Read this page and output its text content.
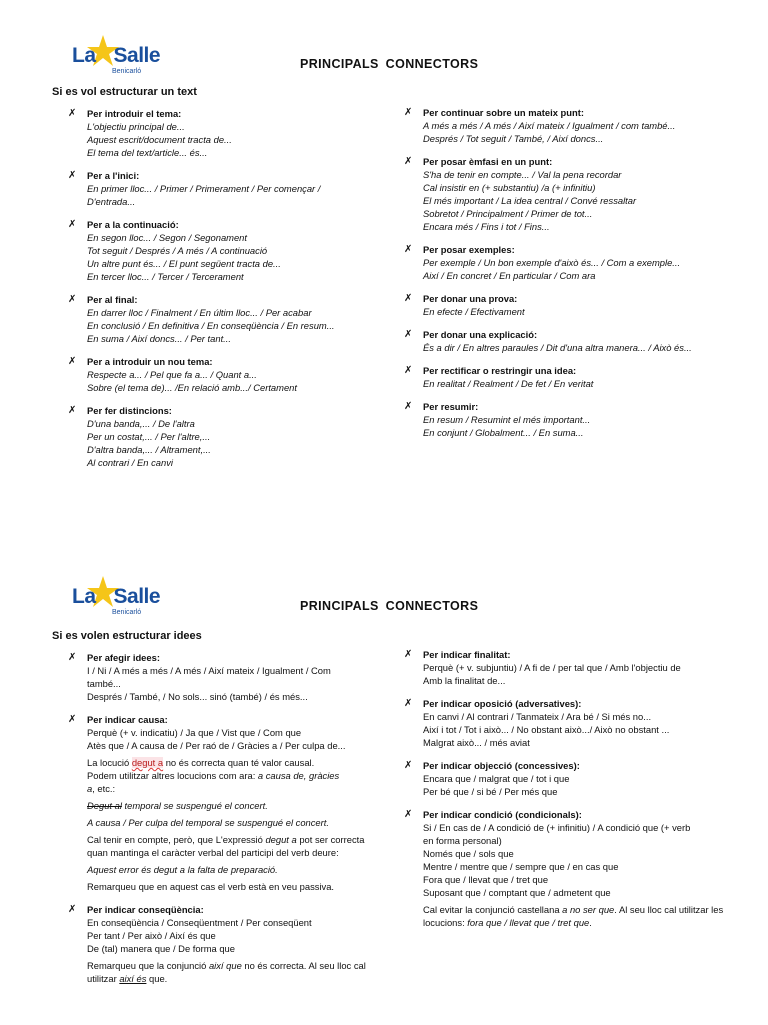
La Salle
Benicarló
PRINCIPALS CONNECTORS
Si es vol estructurar un text
✗ Per introduir el tema:
L'objectiu principal de...
Aquest escrit/document tracta de...
El tema del text/article... és...
✗ Per a l'inici:
En primer lloc... / Primer / Primerament / Per començar /
D'entrada...
✗ Per a la continuació:
En segon lloc... / Segon / Segonament
Tot seguit / Després / A més / A continuació
Un altre punt és... / El punt següent tracta de...
En tercer lloc... / Tercer / Tercerament
✗ Per al final:
En darrer lloc / Finalment / En últim lloc... / Per acabar
En conclusió / En definitiva / En conseqüència / En resum...
En suma / Així doncs... / Per tant...
✗ Per a introduir un nou tema:
Respecte a... / Pel que fa a... / Quant a...
Sobre (el tema de)... /En relació amb.../ Certament
✗ Per fer distincions:
D'una banda,... / De l'altra
Per un costat,... / Per l'altre,...
D'altra banda,... / Altrament,...
Al contrari / En canvi
✗ Per continuar sobre un mateix punt:
A més a més / A més / Així mateix / Igualment / com també...
Després / Tot seguit / També, / Així doncs...
✗ Per posar èmfasi en un punt:
S'ha de tenir en compte... / Val la pena recordar
Cal insistir en (+ substantiu) /a (+ infinitiu)
El més important / La idea central / Convé ressaltar
Sobretot / Principalment / Primer de tot...
Encara més / Fins i tot / Fins...
✗ Per posar exemples:
Per exemple / Un bon exemple d'això és... / Com a exemple...
Així / En concret / En particular / Com ara
✗ Per donar una prova:
En efecte / Efectivament
✗ Per donar una explicació:
És a dir / En altres paraules / Dit d'una altra manera... / Això és...
✗ Per rectificar o restringir una idea:
En realitat / Realment / De fet / En veritat
✗ Per resumir:
En resum / Resumint el més important...
En conjunt / Globalment... / En suma...
La Salle
Benicarló	PRINCIPALS CONNECTORS
Si es volen estructurar idees
✗ Per afegir idees:
I / Ni / A més a més / A més / Així mateix / Igualment / Com
també...
Després / També, / No sols... sinó (també) / és més...
✗ Per indicar causa:
Perquè (+ v. indicatiu) / Ja que / Vist que / Com que
Atès que / A causa de / Per raó de / Gràcies a / Per culpa de...
La locució degut a no és correcta quan té valor causal.
Podem utilitzar altres locucions com ara: a causa de, gràcies
a, etc.:
Degut al temporal se suspengué el concert.
A causa / Per culpa del temporal se suspengué el concert.
Cal tenir en compte, però, que L'expressió degut a pot ser correcta quan mantinga el caràcter verbal del participi del verb deure:
Aquest error és degut a la falta de preparació.
Remarqueu que en aquest cas el verb està en veu passiva.
✗ Per indicar conseqüència:
En conseqüència / Conseqüentment / Per conseqüent
Per tant / Per això / Així és que
De (tal) manera que / De forma que
Remarqueu que la conjunció així que no és correcta. Al seu lloc cal utilitzar així és que.
✗ Per indicar finalitat:
Perquè (+ v. subjuntiu) / A fi de / per tal que / Amb l'objectiu de
Amb la finalitat de...
✗ Per indicar oposició (adversatives):
En canvi / Al contrari / Tanmateix / Ara bé / Si més no...
Així i tot / Tot i això... / No obstant això.../ Això no obstant ...
Malgrat això... / més aviat
✗ Per indicar objecció (concessives):
Encara que / malgrat que / tot i que
Per bé que / si bé / Per més que
✗ Per indicar condició (condicionals):
Si / En cas de / A condició de (+ infinitiu) / A condició que (+ verb
en forma personal)
Només que / sols que
Mentre / mentre que / sempre que / en cas que
Fora que / llevat que / tret que
Suposant que / comptant que / admetent que
Cal evitar la conjunció castellana a no ser que. Al seu lloc cal utilitzar les locucions: fora que / llevat que / tret que.
